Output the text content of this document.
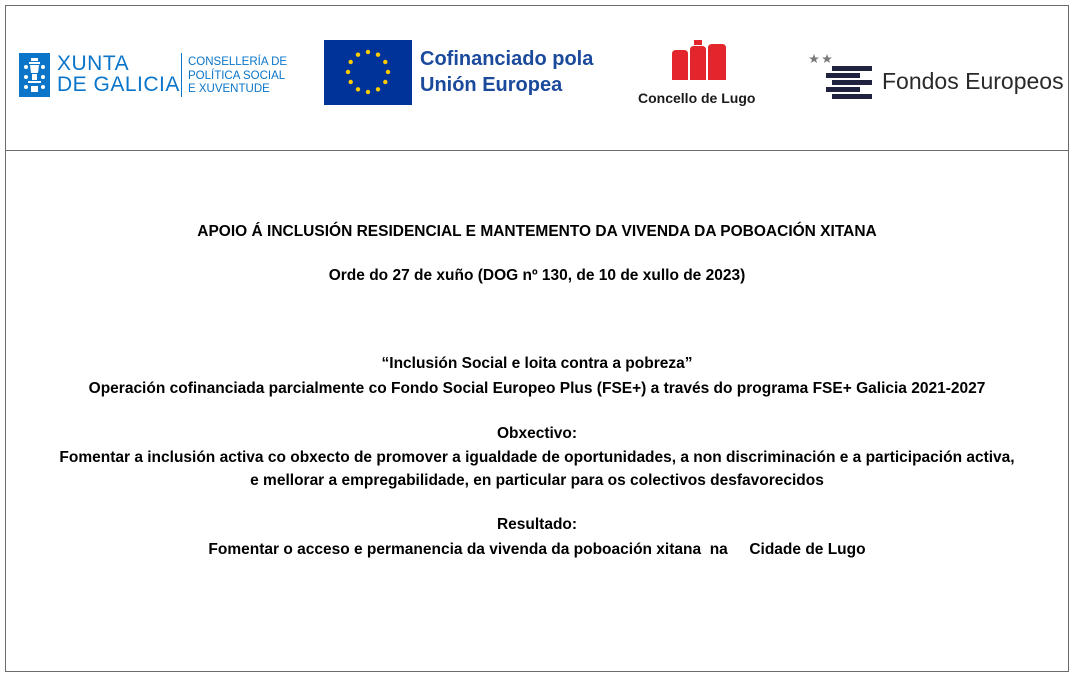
XUNTA
DE GALICIA
CONSELLERÍA DE
POLÍTICA SOCIAL
E XUVENTUDE
Cofinanciado pola
Unión Europea
Concello de Lugo
Fondos Europeos

APOIO Á INCLUSIÓN RESIDENCIAL E MANTEMENTO DA VIVENDA DA POBOACIÓN XITANA

Orde do 27 de xuño (DOG nº 130, de 10 de xullo de 2023)

“Inclusión Social e loita contra a pobreza”

Operación cofinanciada parcialmente co Fondo Social Europeo Plus (FSE+) a través do programa FSE+ Galicia 2021-2027

Obxectivo:

Fomentar a inclusión activa co obxecto de promover a igualdade de oportunidades, a non discriminación e a participación activa,

e mellorar a empregabilidade, en particular para os colectivos desfavorecidos

Resultado:

Fomentar o acceso e permanencia da vivenda da poboación xitana  na     Cidade de Lugo
